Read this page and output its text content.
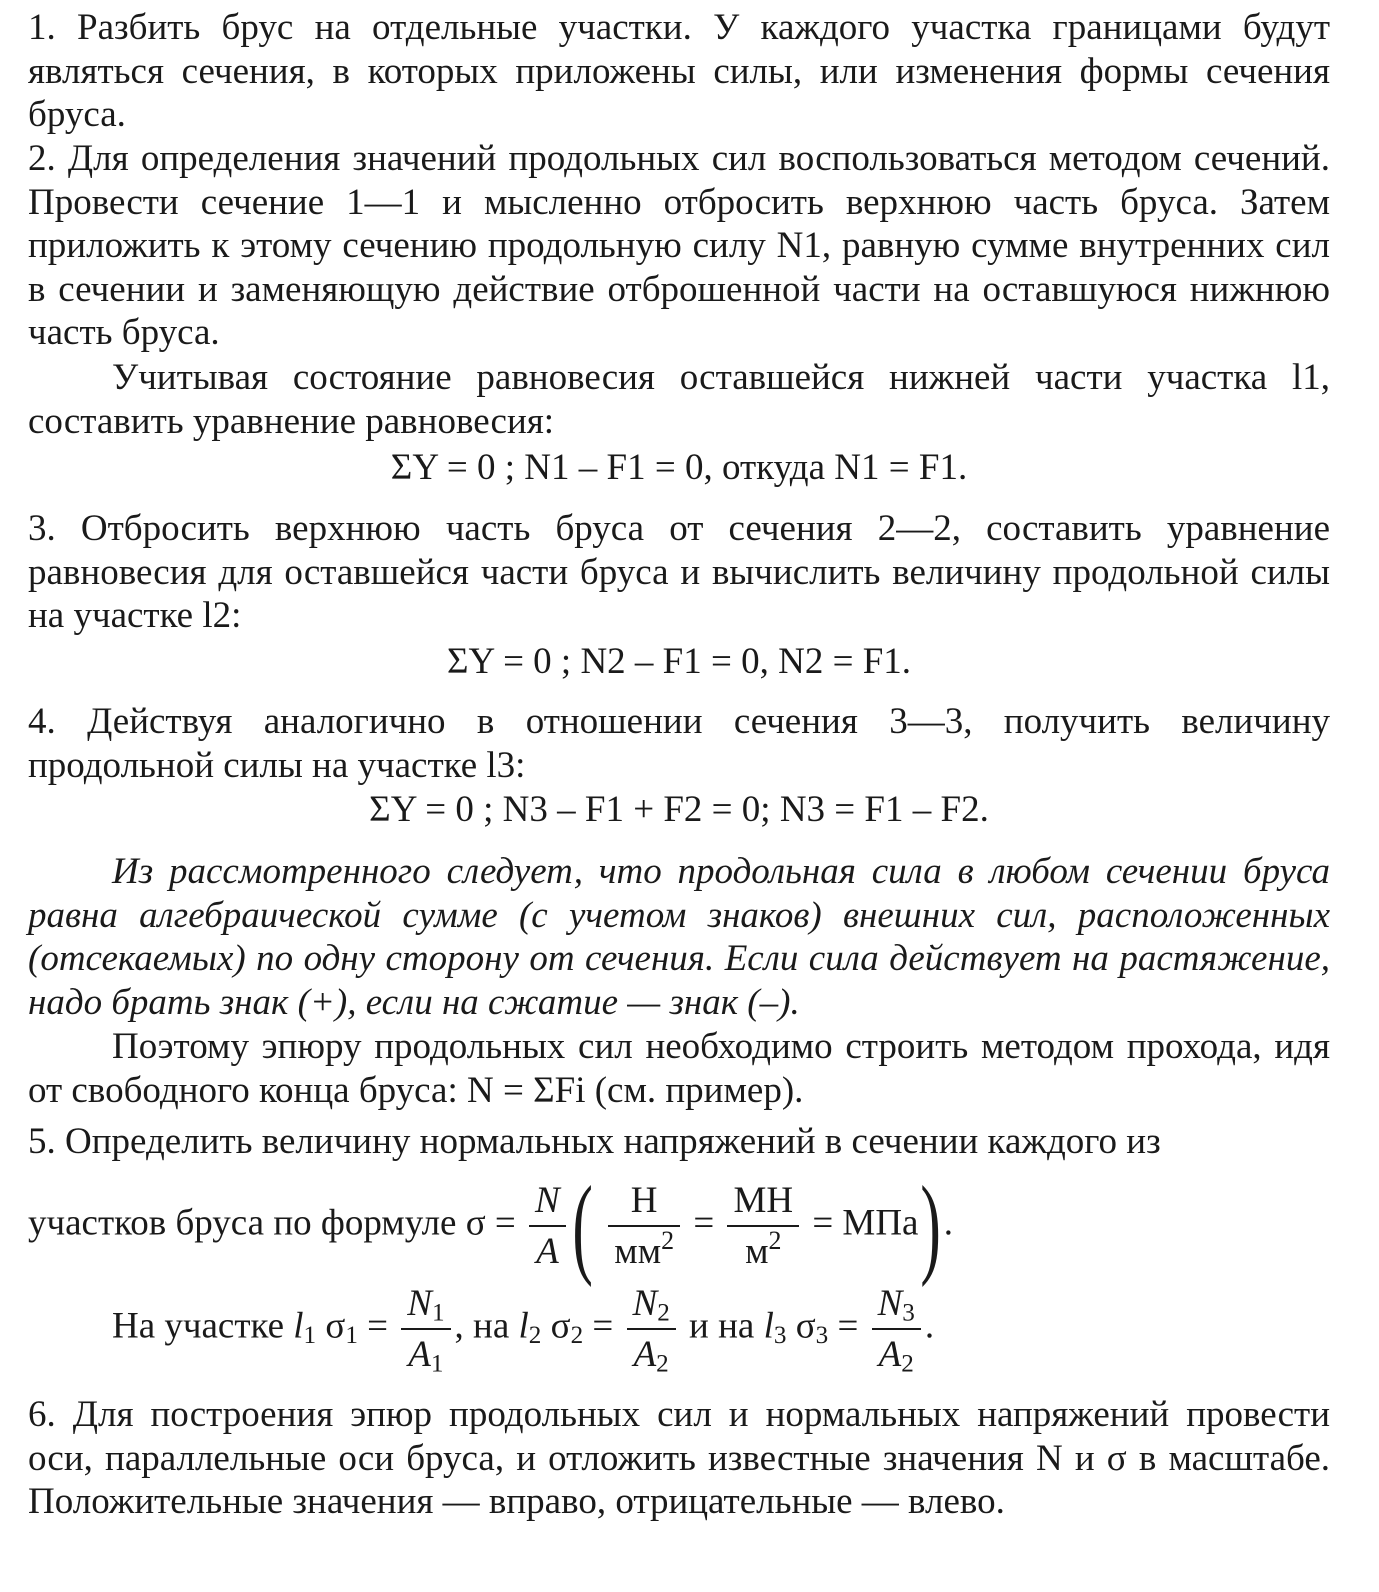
1. Разбить брус на отдельные участки. У каждого участка границами будут являться сечения, в которых приложены силы, или изменения формы сечения бруса.

2. Для определения значений продольных сил воспользоваться методом сечений. Провести сечение 1—1 и мысленно отбросить верхнюю часть бруса. Затем приложить к этому сечению продольную силу N1, равную сумме внутренних сил в сечении и заменяющую действие отброшенной части на оставшуюся нижнюю часть бруса.

Учитывая состояние равновесия оставшейся нижней части участка l1, составить уравнение равновесия:

ΣY = 0 ; N1 – F1 = 0, откуда N1 = F1.

3. Отбросить верхнюю часть бруса от сечения 2—2, составить уравнение равновесия для оставшейся части бруса и вычислить величину продольной силы на участке l2:

ΣY = 0 ; N2 – F1 = 0, N2 = F1.

4. Действуя аналогично в отношении сечения 3—3, получить величину продольной силы на участке l3:

ΣY = 0 ; N3 – F1 + F2 = 0; N3 = F1 – F2.

Из рассмотренного следует, что продольная сила в любом сечении бруса равна алгебраической сумме (с учетом знаков) внешних сил, расположенных (отсекаемых) по одну сторону от сечения. Если сила действует на растяжение, надо брать знак (+), если на сжатие — знак (–).

Поэтому эпюру продольных сил необходимо строить методом прохода, идя от свободного конца бруса: N = ΣFi (см. пример).

5. Определить величину нормальных напряжений в сечении каждого из

участков бруса по формуле $\sigma = \frac{N}{A}$ ( $\frac{Н}{мм^2} = \frac{МН}{м^2} = МПа$).
На участке $l_1$ $\sigma_1 = \frac{N_1}{A_1}$ , на $l_2$ $\sigma_2 = \frac{N_2}{A_2}$ и на $l_3$ $\sigma_3 = \frac{N_3}{A_2}$ .

6. Для построения эпюр продольных сил и нормальных напряжений провести оси, параллельные оси бруса, и отложить известные значения N и σ в масштабе. Положительные значения — вправо, отрицательные — влево.
